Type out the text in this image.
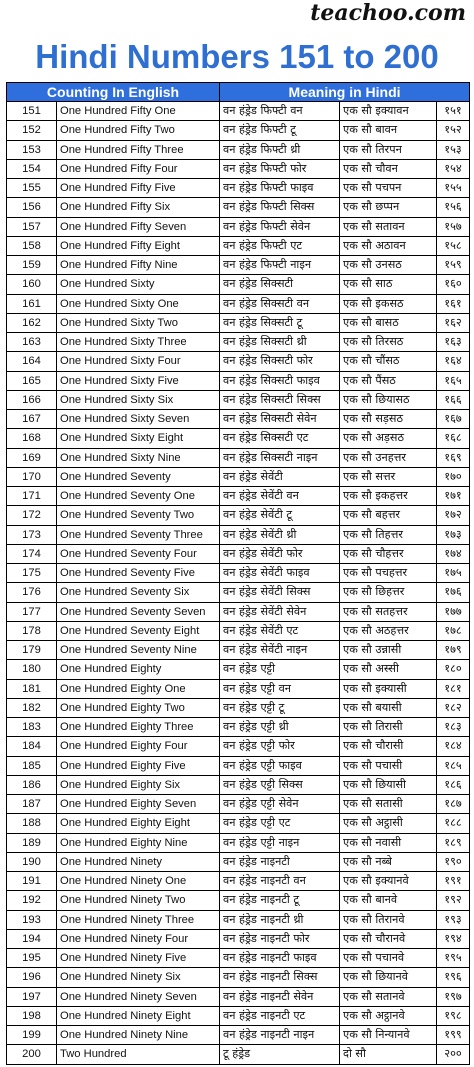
teachoo.com
Hindi Numbers 151 to 200
Counting In English		Meaning in Hindi		
151	One Hundred Fifty One	वन हंड्रेड फिफ्टी वन	एक सौ इक्यावन	१५१
152	One Hundred Fifty Two	वन हंड्रेड फिफ्टी टू	एक सौ बावन	१५२
153	One Hundred Fifty Three	वन हंड्रेड फिफ्टी थ्री	एक सौ तिरपन	१५३
154	One Hundred Fifty Four	वन हंड्रेड फिफ्टी फोर	एक सौ चौवन	१५४
155	One Hundred Fifty Five	वन हंड्रेड फिफ्टी फाइव	एक सौ पचपन	१५५
156	One Hundred Fifty Six	वन हंड्रेड फिफ्टी सिक्स	एक सौ छप्पन	१५६
157	One Hundred Fifty Seven	वन हंड्रेड फिफ्टी सेवेन	एक सौ सतावन	१५७
158	One Hundred Fifty Eight	वन हंड्रेड फिफ्टी एट	एक सौ अठावन	१५८
159	One Hundred Fifty Nine	वन हंड्रेड फिफ्टी नाइन	एक सौ उनसठ	१५९
160	One Hundred Sixty	वन हंड्रेड सिक्सटी	एक सौ साठ	१६०
161	One Hundred Sixty One	वन हंड्रेड सिक्सटी वन	एक सौ इकसठ	१६१
162	One Hundred Sixty Two	वन हंड्रेड सिक्सटी टू	एक सौ बासठ	१६२
163	One Hundred Sixty Three	वन हंड्रेड सिक्सटी थ्री	एक सौ तिरसठ	१६३
164	One Hundred Sixty Four	वन हंड्रेड सिक्सटी फोर	एक सौ चौंसठ	१६४
165	One Hundred Sixty Five	वन हंड्रेड सिक्सटी फाइव	एक सौ पैंसठ	१६५
166	One Hundred Sixty Six	वन हंड्रेड सिक्सटी सिक्स	एक सौ छियासठ	१६६
167	One Hundred Sixty Seven	वन हंड्रेड सिक्सटी सेवेन	एक सौ सड़सठ	१६७
168	One Hundred Sixty Eight	वन हंड्रेड सिक्सटी एट	एक सौ अड़सठ	१६८
169	One Hundred Sixty Nine	वन हंड्रेड सिक्सटी नाइन	एक सौ उनहत्तर	१६९
170	One Hundred Seventy	वन हंड्रेड सेवेंटी	एक सौ सत्तर	१७०
171	One Hundred Seventy One	वन हंड्रेड सेवेंटी वन	एक सौ इकहत्तर	१७१
172	One Hundred Seventy Two	वन हंड्रेड सेवेंटी टू	एक सौ बहत्तर	१७२
173	One Hundred Seventy Three	वन हंड्रेड सेवेंटी थ्री	एक सौ तिहत्तर	१७३
174	One Hundred Seventy Four	वन हंड्रेड सेवेंटी फोर	एक सौ चौहत्तर	१७४
175	One Hundred Seventy Five	वन हंड्रेड सेवेंटी फाइव	एक सौ पचहत्तर	१७५
176	One Hundred Seventy Six	वन हंड्रेड सेवेंटी सिक्स	एक सौ छिहत्तर	१७६
177	One Hundred Seventy Seven	वन हंड्रेड सेवेंटी सेवेन	एक सौ सतहत्तर	१७७
178	One Hundred Seventy Eight	वन हंड्रेड सेवेंटी एट	एक सौ अठहत्तर	१७८
179	One Hundred Seventy Nine	वन हंड्रेड सेवेंटी नाइन	एक सौ उन्नासी	१७९
180	One Hundred Eighty	वन हंड्रेड एट्टी	एक सौ अस्सी	१८०
181	One Hundred Eighty One	वन हंड्रेड एट्टी वन	एक सौ इक्यासी	१८१
182	One Hundred Eighty Two	वन हंड्रेड एट्टी टू	एक सौ बयासी	१८२
183	One Hundred Eighty Three	वन हंड्रेड एट्टी थ्री	एक सौ तिरासी	१८३
184	One Hundred Eighty Four	वन हंड्रेड एट्टी फोर	एक सौ चौरासी	१८४
185	One Hundred Eighty Five	वन हंड्रेड एट्टी फाइव	एक सौ पचासी	१८५
186	One Hundred Eighty Six	वन हंड्रेड एट्टी सिक्स	एक सौ छियासी	१८६
187	One Hundred Eighty Seven	वन हंड्रेड एट्टी सेवेन	एक सौ सतासी	१८७
188	One Hundred Eighty Eight	वन हंड्रेड एट्टी एट	एक सौ अट्ठासी	१८८
189	One Hundred Eighty Nine	वन हंड्रेड एट्टी नाइन	एक सौ नवासी	१८९
190	One Hundred Ninety	वन हंड्रेड नाइनटी	एक सौ नब्बे	१९०
191	One Hundred Ninety One	वन हंड्रेड नाइनटी वन	एक सौ इक्यानवे	१९१
192	One Hundred Ninety Two	वन हंड्रेड नाइनटी टू	एक सौ बानवे	१९२
193	One Hundred Ninety Three	वन हंड्रेड नाइनटी थ्री	एक सौ तिरानवे	१९३
194	One Hundred Ninety Four	वन हंड्रेड नाइनटी फोर	एक सौ चौरानवे	१९४
195	One Hundred Ninety Five	वन हंड्रेड नाइनटी फाइव	एक सौ पचानवे	१९५
196	One Hundred Ninety Six	वन हंड्रेड नाइनटी सिक्स	एक सौ छियानवे	१९६
197	One Hundred Ninety Seven	वन हंड्रेड नाइनटी सेवेन	एक सौ सतानवे	१९७
198	One Hundred Ninety Eight	वन हंड्रेड नाइनटी एट	एक सौ अट्ठानवे	१९८
199	One Hundred Ninety Nine	वन हंड्रेड नाइनटी नाइन	एक सौ निन्यानवे	१९९
200	Two Hundred	टू हंड्रेड	दो सौ	२००
